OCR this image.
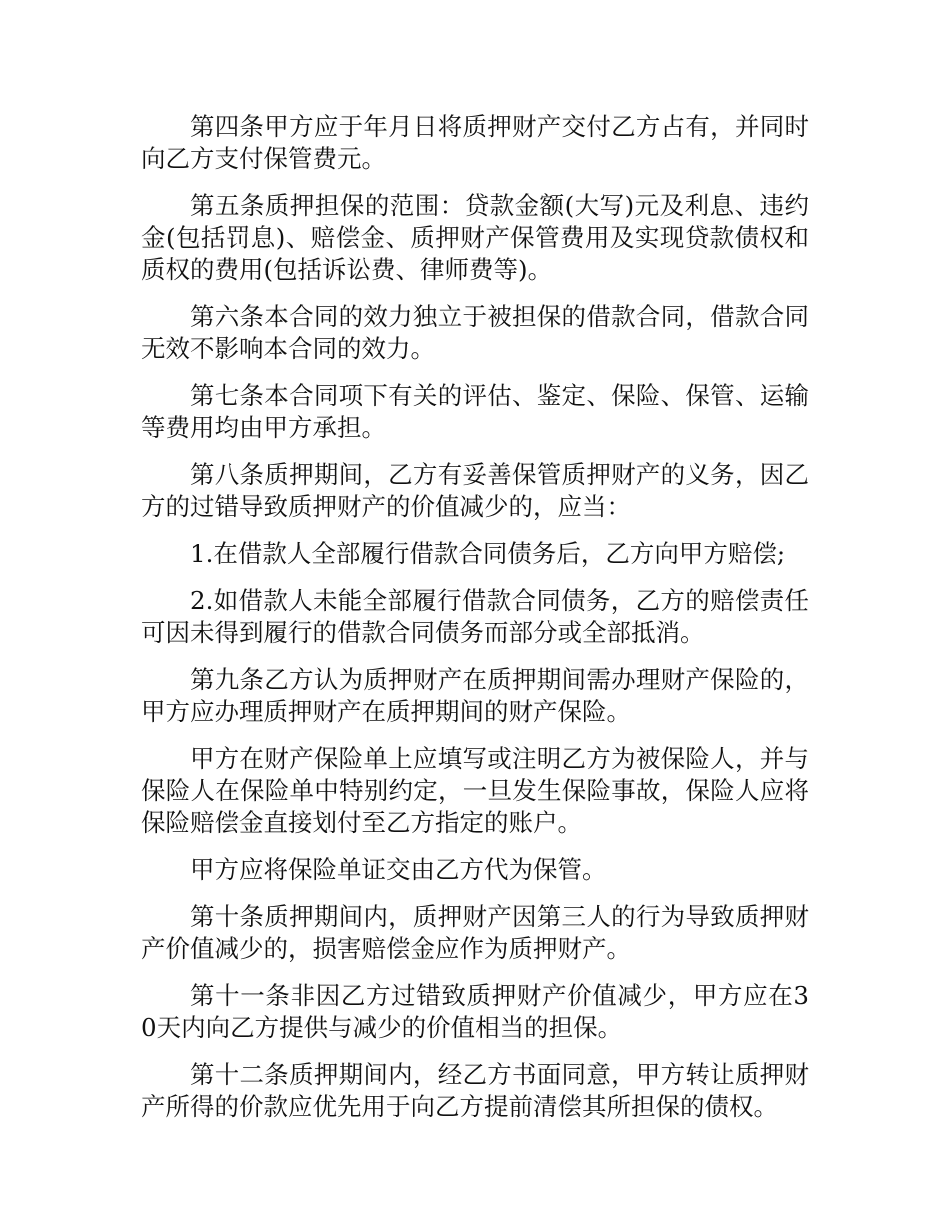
第四条甲方应于年月日将质押财产交付乙方占有，并同时向乙方支付保管费元。

第五条质押担保的范围：贷款金额(大写)元及利息、违约金(包括罚息)、赔偿金、质押财产保管费用及实现贷款债权和质权的费用(包括诉讼费、律师费等)。

第六条本合同的效力独立于被担保的借款合同，借款合同无效不影响本合同的效力。

第七条本合同项下有关的评估、鉴定、保险、保管、运输等费用均由甲方承担。

第八条质押期间，乙方有妥善保管质押财产的义务，因乙方的过错导致质押财产的价值减少的，应当：

1.在借款人全部履行借款合同债务后，乙方向甲方赔偿;

2.如借款人未能全部履行借款合同债务，乙方的赔偿责任可因未得到履行的借款合同债务而部分或全部抵消。

第九条乙方认为质押财产在质押期间需办理财产保险的，甲方应办理质押财产在质押期间的财产保险。

甲方在财产保险单上应填写或注明乙方为被保险人，并与保险人在保险单中特别约定，一旦发生保险事故，保险人应将保险赔偿金直接划付至乙方指定的账户。

甲方应将保险单证交由乙方代为保管。

第十条质押期间内，质押财产因第三人的行为导致质押财产价值减少的，损害赔偿金应作为质押财产。

第十一条非因乙方过错致质押财产价值减少，甲方应在30天内向乙方提供与减少的价值相当的担保。

第十二条质押期间内，经乙方书面同意，甲方转让质押财产所得的价款应优先用于向乙方提前清偿其所担保的债权。
